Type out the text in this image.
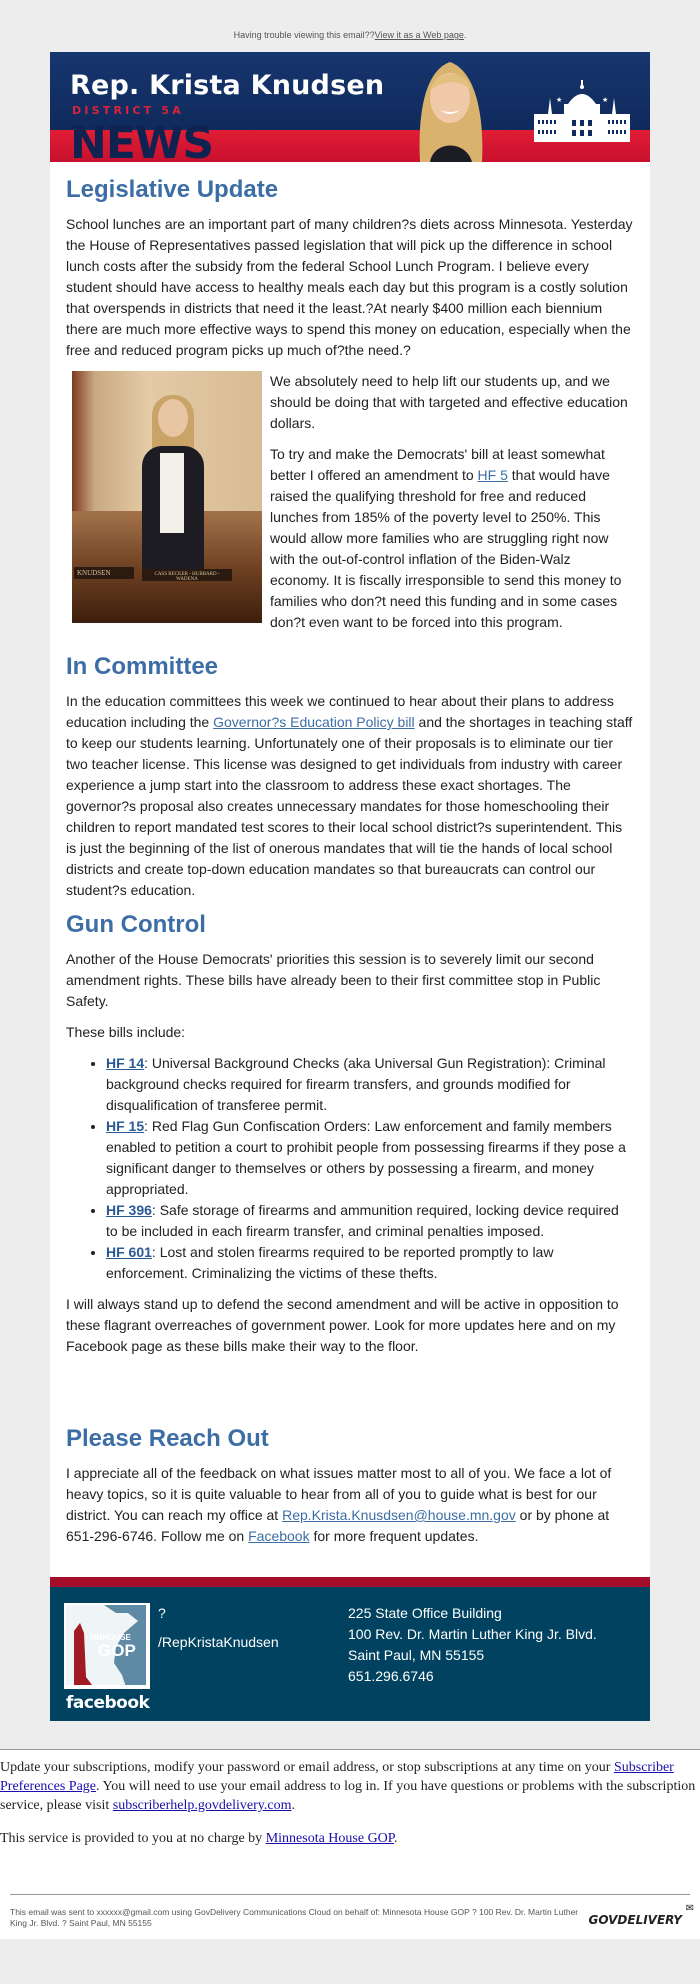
Having trouble viewing this email??View it as a Web page.
Rep. Krista Knudsen
DISTRICT 5A
NEWS
★	★
Legislative Update

School lunches are an important part of many children?s diets across Minnesota. Yesterday the House of Representatives passed legislation that will pick up the difference in school lunch costs after the subsidy from the federal School Lunch Program. I believe every student should have access to healthy meals each day but this program is a costly solution that overspends in districts that need it the least.?At nearly $400 million each biennium there are much more effective ways to spend this money on education, especially when the free and reduced program picks up much of?the need.?

KNUDSEN	CASS BECKER - HUBBARD - WADENA

We absolutely need to help lift our students up, and we should be doing that with targeted and effective education dollars.

To try and make the Democrats' bill at least somewhat better I offered an amendment to HF 5 that would have raised the qualifying threshold for free and reduced lunches from 185% of the poverty level to 250%. This would allow more families who are struggling right now with the out-of-control inflation of the Biden-Walz economy. It is fiscally irresponsible to send this money to families who don?t need this funding and in some cases don?t even want to be forced into this program.

In Committee

In the education committees this week we continued to hear about their plans to address education including the Governor?s Education Policy bill and the shortages in teaching staff to keep our students learning. Unfortunately one of their proposals is to eliminate our tier two teacher license. This license was designed to get individuals from industry with career experience a jump start into the classroom to address these exact shortages. The governor?s proposal also creates unnecessary mandates for those homeschooling their children to report mandated test scores to their local school district?s superintendent. This is just the beginning of the list of onerous mandates that will tie the hands of local school districts and create top-down education mandates so that bureaucrats can control our student?s education.

Gun Control

Another of the House Democrats' priorities this session is to severely limit our second amendment rights. These bills have already been to their first committee stop in Public Safety.

These bills include:

• HF 14: Universal Background Checks (aka Universal Gun Registration): Criminal background checks required for firearm transfers, and grounds modified for disqualification of transferee permit.
• HF 15: Red Flag Gun Confiscation Orders: Law enforcement and family members enabled to petition a court to prohibit people from possessing firearms if they pose a significant danger to themselves or others by possessing a firearm, and money appropriated.
• HF 396: Safe storage of firearms and ammunition required, locking device required to be included in each firearm transfer, and criminal penalties imposed.
• HF 601: Lost and stolen firearms required to be reported promptly to law enforcement. Criminalizing the victims of these thefts.

I will always stand up to defend the second amendment and will be active in opposition to these flagrant overreaches of government power. Look for more updates here and on my Facebook page as these bills make their way to the floor.

Please Reach Out

I appreciate all of the feedback on what issues matter most to all of you. We face a lot of heavy topics, so it is quite valuable to hear from all of you to guide what is best for our district. You can reach my office at Rep.Krista.Knusdsen@house.mn.gov or by phone at 651-296-6746. Follow me on Facebook for more frequent updates.

MNHOUSE
GOP
facebook
?
/RepKristaKnudsen
225 State Office Building
100 Rev. Dr. Martin Luther King Jr. Blvd.
Saint Paul, MN 55155
651.296.6746

Update your subscriptions, modify your password or email address, or stop subscriptions at any time on your Subscriber Preferences Page. You will need to use your email address to log in. If you have questions or problems with the subscription service, please visit subscriberhelp.govdelivery.com.

This service is provided to you at no charge by Minnesota House GOP.

This email was sent to xxxxxx@gmail.com using GovDelivery Communications Cloud on behalf of: Minnesota House GOP ? 100 Rev. Dr. Martin Luther King Jr. Blvd. ? Saint Paul, MN 55155	GOVDELIVERY
✉
